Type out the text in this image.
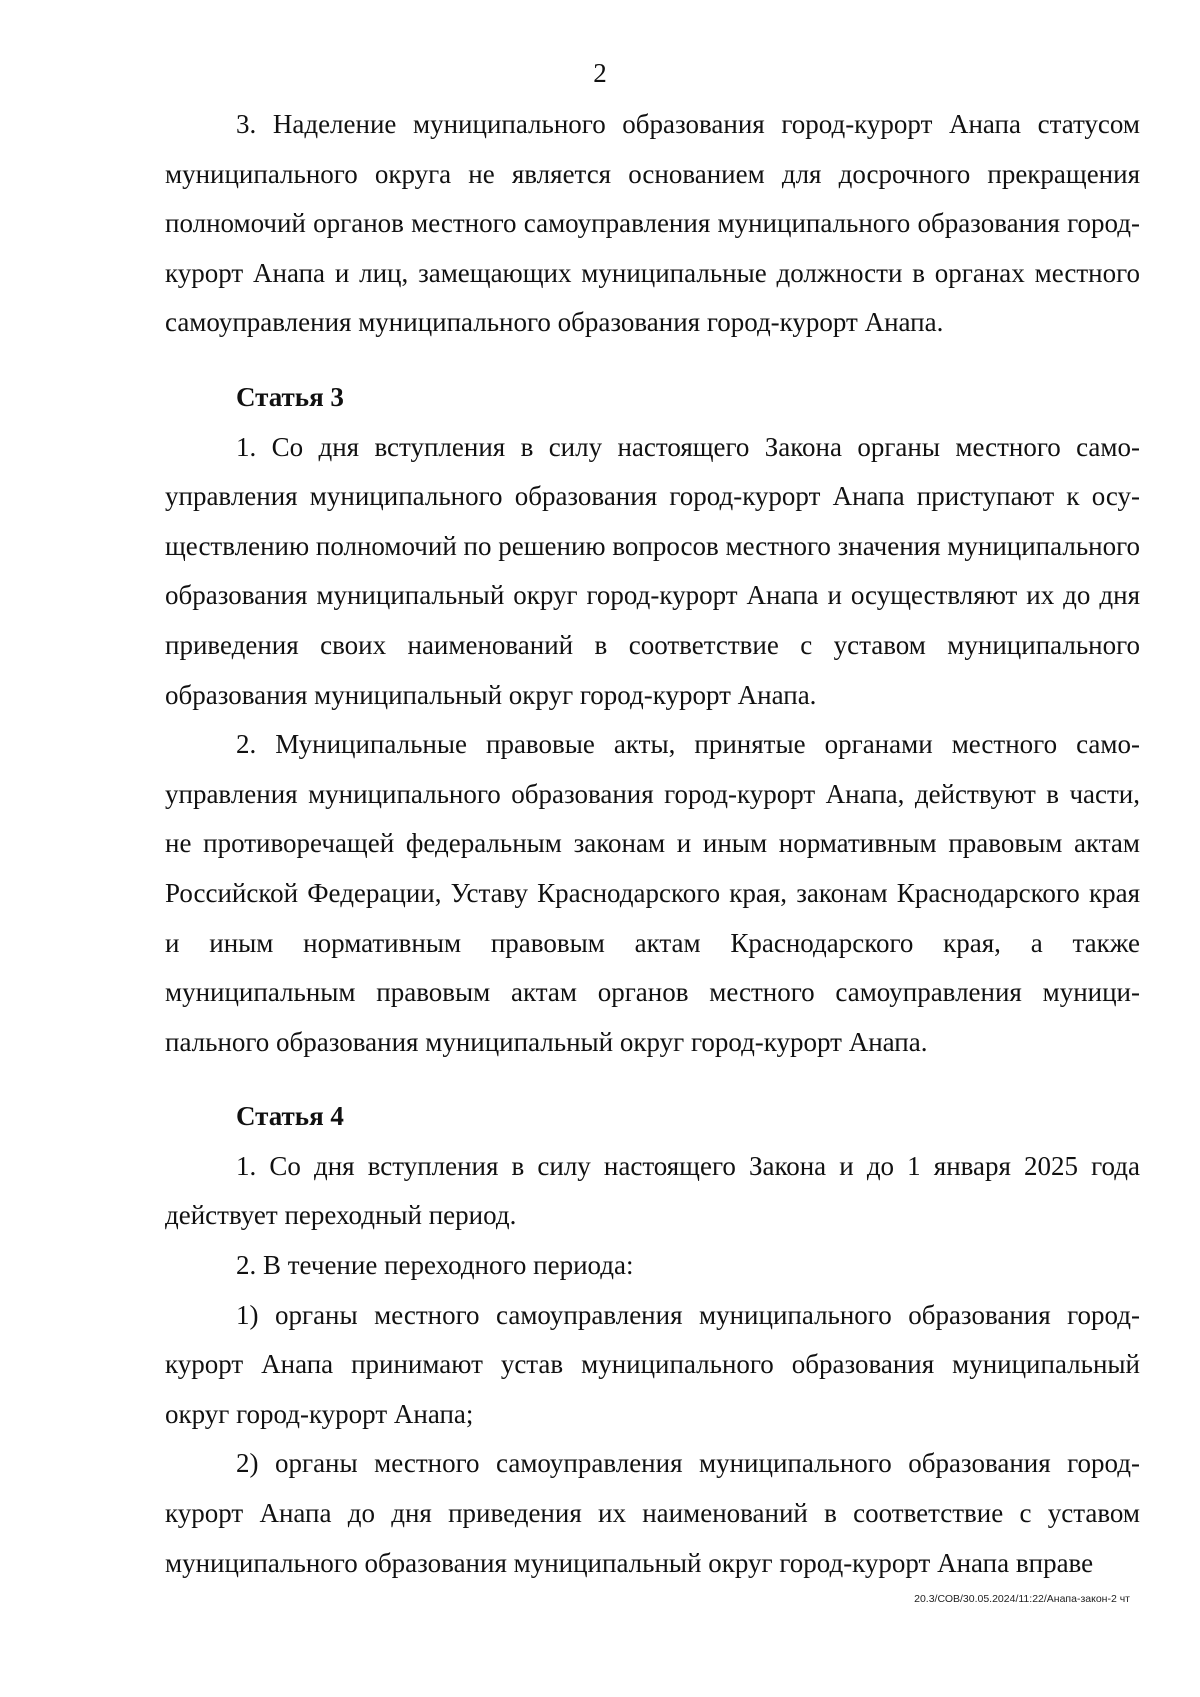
2

3. Наделение муниципального образования город-курорт Анапа статусом муниципального округа не является основанием для досрочного прекращения полномочий органов местного самоуправления муниципального образования город-курорт Анапа и лиц, замещающих муниципальные должности в органах местного самоуправления муниципального образования город-курорт Анапа.

Статья 3

1. Со дня вступления в силу настоящего Закона органы местного самоуправления муниципального образования город-курорт Анапа приступают к осуществлению полномочий по решению вопросов местного значения муниципального образования муниципальный округ город-курорт Анапа и осуществляют их до дня приведения своих наименований в соответствие с уставом муниципального образования муниципальный округ город-курорт Анапа.

2. Муниципальные правовые акты, принятые органами местного самоуправления муниципального образования город-курорт Анапа, действуют в части, не противоречащей федеральным законам и иным нормативным правовым актам Российской Федерации, Уставу Краснодарского края, законам Краснодарского края и иным нормативным правовым актам Краснодарского края, а также муниципальным правовым актам органов местного самоуправления муниципального образования муниципальный округ город-курорт Анапа.

Статья 4

1. Со дня вступления в силу настоящего Закона и до 1 января 2025 года действует переходный период.

2. В течение переходного периода:

1) органы местного самоуправления муниципального образования город-курорт Анапа принимают устав муниципального образования муниципальный округ город-курорт Анапа;

2) органы местного самоуправления муниципального образования город-курорт Анапа до дня приведения их наименований в соответствие с уставом муниципального образования муниципальный округ город-курорт Анапа вправе

20.3/СОВ/30.05.2024/11:22/Анапа-закон-2 чт
